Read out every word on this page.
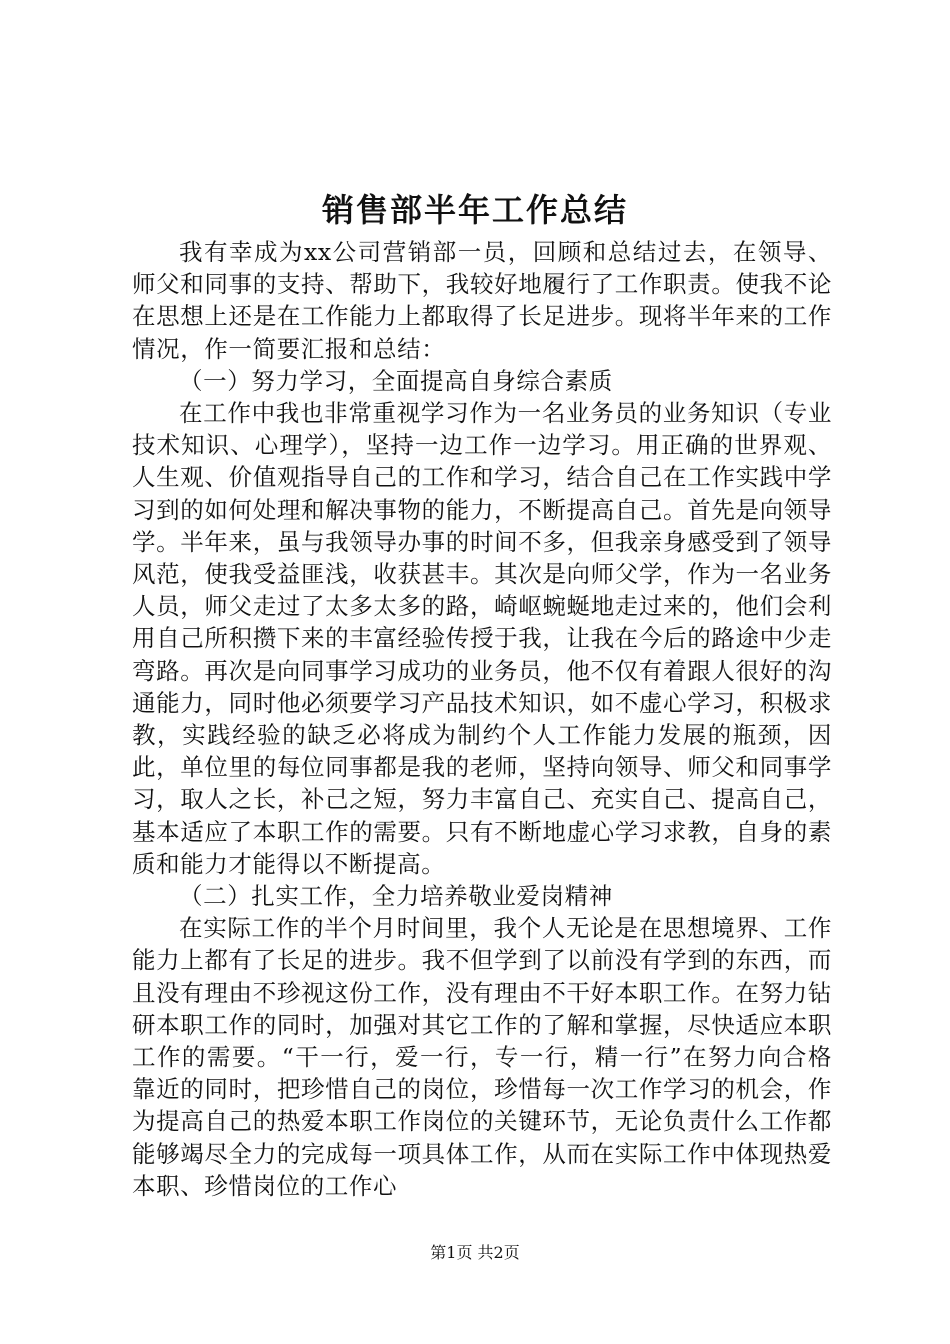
销售部半年工作总结

我有幸成为xx公司营销部一员，回顾和总结过去，在领导、师父和同事的支持、帮助下，我较好地履行了工作职责。使我不论在思想上还是在工作能力上都取得了长足进步。现将半年来的工作情况，作一简要汇报和总结：

（一）努力学习，全面提高自身综合素质

在工作中我也非常重视学习作为一名业务员的业务知识（专业技术知识、心理学），坚持一边工作一边学习。用正确的世界观、人生观、价值观指导自己的工作和学习，结合自己在工作实践中学习到的如何处理和解决事物的能力，不断提高自己。首先是向领导学。半年来，虽与我领导办事的时间不多，但我亲身感受到了领导风范，使我受益匪浅，收获甚丰。其次是向师父学，作为一名业务人员，师父走过了太多太多的路，崎岖蜿蜒地走过来的，他们会利用自己所积攒下来的丰富经验传授于我，让我在今后的路途中少走弯路。再次是向同事学习成功的业务员，他不仅有着跟人很好的沟通能力，同时他必须要学习产品技术知识，如不虚心学习，积极求教，实践经验的缺乏必将成为制约个人工作能力发展的瓶颈，因此，单位里的每位同事都是我的老师，坚持向领导、师父和同事学习，取人之长，补己之短，努力丰富自己、充实自己、提高自己，基本适应了本职工作的需要。只有不断地虚心学习求教，自身的素质和能力才能得以不断提高。

（二）扎实工作，全力培养敬业爱岗精神

在实际工作的半个月时间里，我个人无论是在思想境界、工作能力上都有了长足的进步。我不但学到了以前没有学到的东西，而且没有理由不珍视这份工作，没有理由不干好本职工作。在努力钻研本职工作的同时，加强对其它工作的了解和掌握，尽快适应本职工作的需要。“干一行，爱一行，专一行，精一行”在努力向合格靠近的同时，把珍惜自己的岗位，珍惜每一次工作学习的机会，作为提高自己的热爱本职工作岗位的关键环节，无论负责什么工作都能够竭尽全力的完成每一项具体工作，从而在实际工作中体现热爱本职、珍惜岗位的工作心

第1页 共2页
